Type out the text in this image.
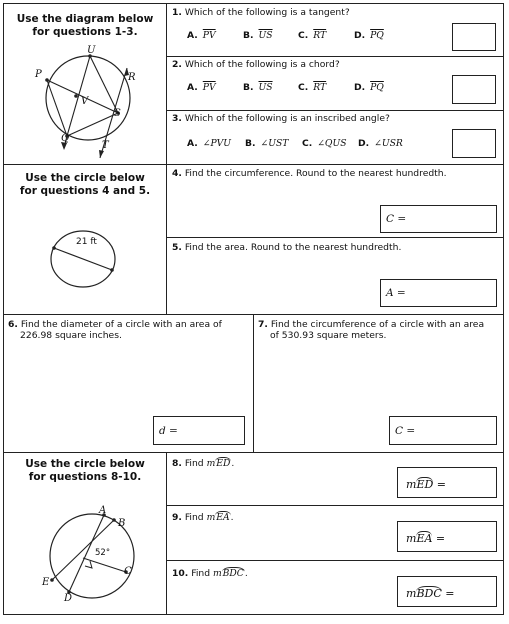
Use the diagram below
for questions 1-3.
U
P	R
V
S
Q
T
1. Which of the following is a tangent?
A. $\overline{PV}$	B. $\overline{US}$	C. $\overline{RT}$	D. $\overline{PQ}$
2. Which of the following is a chord?
A. $\overline{PV}$	B. $\overline{US}$	C. $\overline{RT}$	D. $\overline{PQ}$
3. Which of the following is an inscribed angle?
A. ∠PVU B. ∠UST C. ∠QUS D. ∠USR
Use the circle below
for questions 4 and 5.
21 ft
4. Find the circumference. Round to the nearest hundredth.
C =
5. Find the area. Round to the nearest hundredth.
A =
6. Find the diameter of a circle with an area of
226.98 square inches.
d =
7. Find the circumference of a circle with an area
of 530.93 square meters.
C =
Use the circle below
for questions 8-10.
A
B
C
D
E
52°
8. Find mED.
mED =
9. Find mEA.
mEA =
10. Find mBDC.
mBDC =
